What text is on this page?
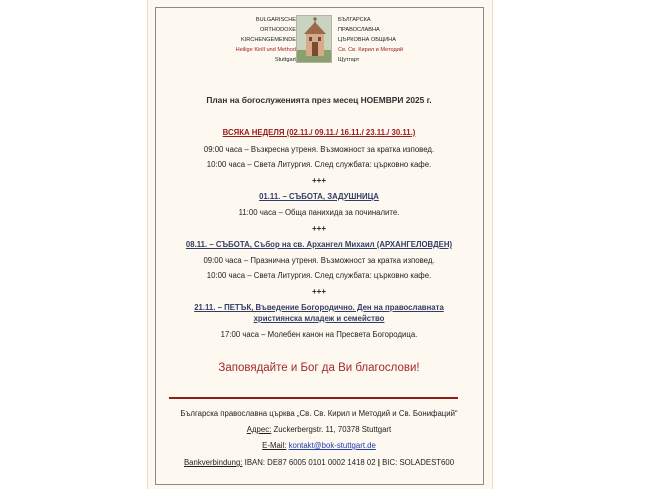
BULGARISCHE
ORTHODOXE
KIRCHENGEMEINDE
Heilige Kirill und Method
Stuttgart
БЪЛГАРСКА
ПРАВОСЛАВНА
ЦЪРКОВНА ОБЩИНА
Св. Св. Кирил и Методий
Щутгарт
План на богослуженията през месец НОЕМВРИ 2025 г.
ВСЯКА НЕДЕЛЯ (02.11./ 09.11./ 16.11./ 23.11./ 30.11.)
09:00 часа – Възкресна утреня. Възможност за кратка изповед.
10:00 часа – Света Литургия. След службата: църковно кафе.
+++
01.11. – СЪБОТА, ЗАДУШНИЦА
11:00 часа – Обща панихида за починалите.
+++
08.11. – СЪБОТА, Събор на св. Архангел Михаил (АРХАНГЕЛОВДЕН)
09:00 часа – Празнична утреня. Възможност за кратка изповед.
10:00 часа – Света Литургия. След службата: църковно кафе.
+++
21.11. – ПЕТЪК, Въведение Богородично. Ден на православната
християнска младеж и семейство
17:00 часа – Молебен канон на Пресвета Богородица.
Заповядайте и Бог да Ви благослови!
Българска православна църква „Св. Св. Кирил и Методий и Св. Бонифаций“
Адрес: Zuckerbergstr. 11, 70378 Stuttgart
E-Mail: kontakt@bok-stuttgart.de
Bankverbindung: IBAN: DE87 6005 0101 0002 1418 02 | BIC: SOLADEST600
